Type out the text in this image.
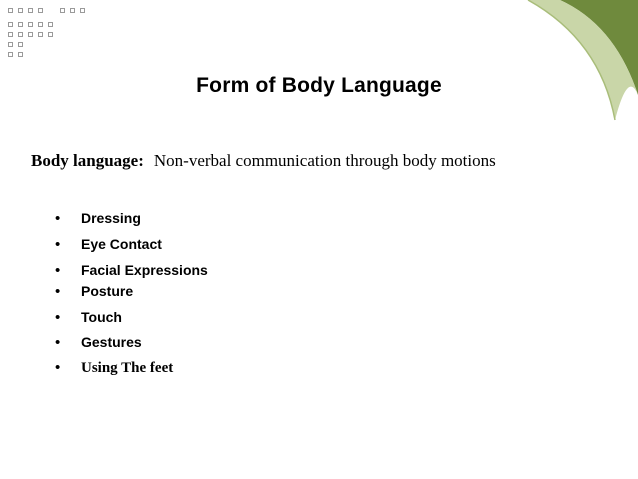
Form of Body Language
Body language: Non-verbal communication through body motions
• Dressing
• Eye Contact
• Facial Expressions
• Posture
• Touch
• Gestures
• Using The feet
